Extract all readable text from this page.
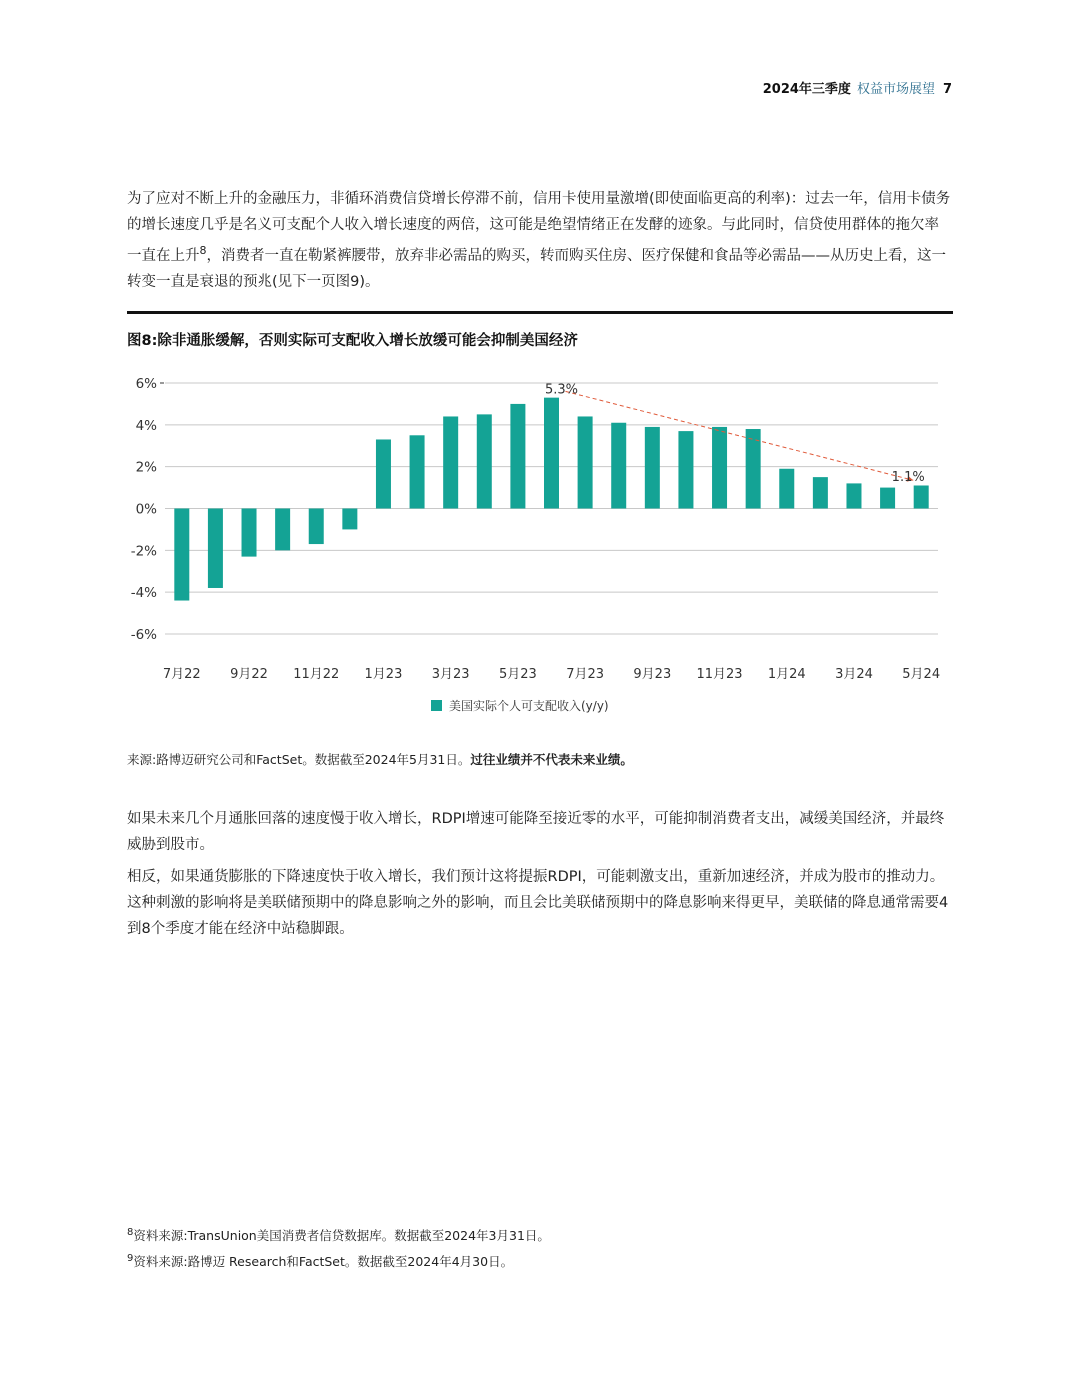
2024年三季度 权益市场展望 7
为了应对不断上升的金融压力，非循环消费信贷增长停滞不前，信用卡使用量激增(即使面临更高的利率)：过去一年，信用卡债务的增长速度几乎是名义可支配个人收入增长速度的两倍，这可能是绝望情绪正在发酵的迹象。与此同时，信贷使用群体的拖欠率一直在上升$^8$，消费者一直在勒紧裤腰带，放弃非必需品的购买，转而购买住房、医疗保健和食品等必需品——从历史上看，这一转变一直是衰退的预兆(见下一页图9)。
图8:除非通胀缓解，否则实际可支配收入增长放缓可能会抑制美国经济
6%
4%
2%
0%
-2%
-4%
-6%
7月22 9月22 11月22 1月23 3月23 5月23 7月23 9月23 11月23 1月24 3月24 5月24
5.3%
1.1%
美国实际个人可支配收入(y/y)
来源:路博迈研究公司和FactSet。数据截至2024年5月31日。过往业绩并不代表未来业绩。
如果未来几个月通胀回落的速度慢于收入增长，RDPI增速可能降至接近零的水平，可能抑制消费者支出，减缓美国经济，并最终威胁到股市。
相反，如果通货膨胀的下降速度快于收入增长，我们预计这将提振RDPI，可能刺激支出，重新加速经济，并成为股市的推动力。这种刺激的影响将是美联储预期中的降息影响之外的影响，而且会比美联储预期中的降息影响来得更早，美联储的降息通常需要4到8个季度才能在经济中站稳脚跟。
$^8$资料来源:TransUnion美国消费者信贷数据库。数据截至2024年3月31日。
$^9$资料来源:路博迈 Research和FactSet。数据截至2024年4月30日。
